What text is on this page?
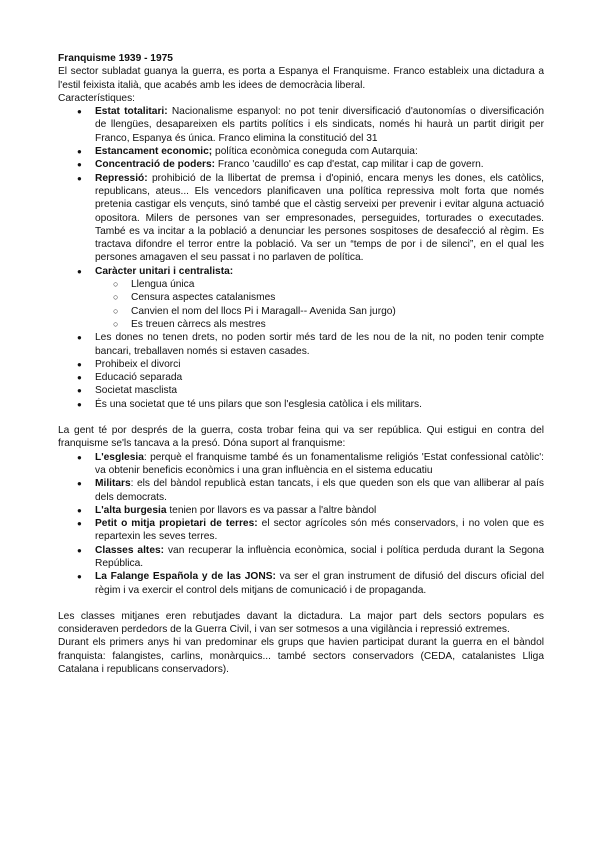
Franquisme 1939 - 1975

El sector subladat guanya la guerra, es porta a Espanya el Franquisme. Franco estableix una dictadura a l'estil feixista italià, que acabés amb les idees de democràcia liberal.

Característiques:

● Estat totalitari: Nacionalisme espanyol: no pot tenir diversificació d'autonomías o diversificación de llengües, desapareixen els partits polítics i els sindicats, només hi haurà un partit dirigit per Franco, Espanya és única. Franco elimina la constitució del 31
● Estancament economic; política econòmica coneguda com Autarquia:
● Concentració de poders: Franco 'caudillo' es cap d'estat, cap militar i cap de govern.
● Repressió: prohibició de la llibertat de premsa i d'opinió, encara menys les dones, els catòlics, republicans, ateus... Els vencedors planificaven una política repressiva molt forta que només pretenia castigar els vençuts, sinó també que el càstig serveixi per prevenir i evitar alguna actuació opositora. Milers de persones van ser empresonades, perseguides, torturades o executades. També es va incitar a la població a denunciar les persones sospitoses de desafecció al règim. Es tractava difondre el terror entre la població. Va ser un “temps de por i de silenci”, en el qual les persones amagaven el seu passat i no parlaven de política.
● Caràcter unitari i centralista:
○ Llengua única
○ Censura aspectes catalanismes
○ Canvien el nom del llocs Pi i Maragall-- Avenida San jurgo)
○ Es treuen càrrecs als mestres
● Les dones no tenen drets, no poden sortir més tard de les nou de la nit, no poden tenir compte bancari, treballaven només si estaven casades.
● Prohibeix el divorci
● Educació separada
● Societat masclista
● És una societat que té uns pilars que son l'esglesia catòlica i els militars.

La gent té por després de la guerra, costa trobar feina qui va ser república. Qui estigui en contra del franquisme se'ls tancava a la presó. Dóna suport al franquisme:

● L'esglesia: perquè el franquisme també és un fonamentalisme religiós 'Estat confessional catòlic': va obtenir beneficis econòmics i una gran influència en el sistema educatiu
● Militars: els del bàndol republicà estan tancats, i els que queden son els que van alliberar al país dels democrats.
● L'alta burgesia tenien por llavors es va passar a l'altre bàndol
● Petit o mitja propietari de terres: el sector agrícoles són més conservadors, i no volen que es repartexin les seves terres.
● Classes altes: van recuperar la influència econòmica, social i política perduda durant la Segona República.
● La Falange Española y de las JONS: va ser el gran instrument de difusió del discurs oficial del règim i va exercir el control dels mitjans de comunicació i de propaganda.

Les classes mitjanes eren rebutjades davant la dictadura. La major part dels sectors populars es consideraven perdedors de la Guerra Civil, i van ser sotmesos a una vigilància i repressió extremes.

Durant els primers anys hi van predominar els grups que havien participat durant la guerra en el bàndol franquista: falangistes, carlins, monàrquics... també sectors conservadors (CEDA, catalanistes Lliga Catalana i republicans conservadors).
